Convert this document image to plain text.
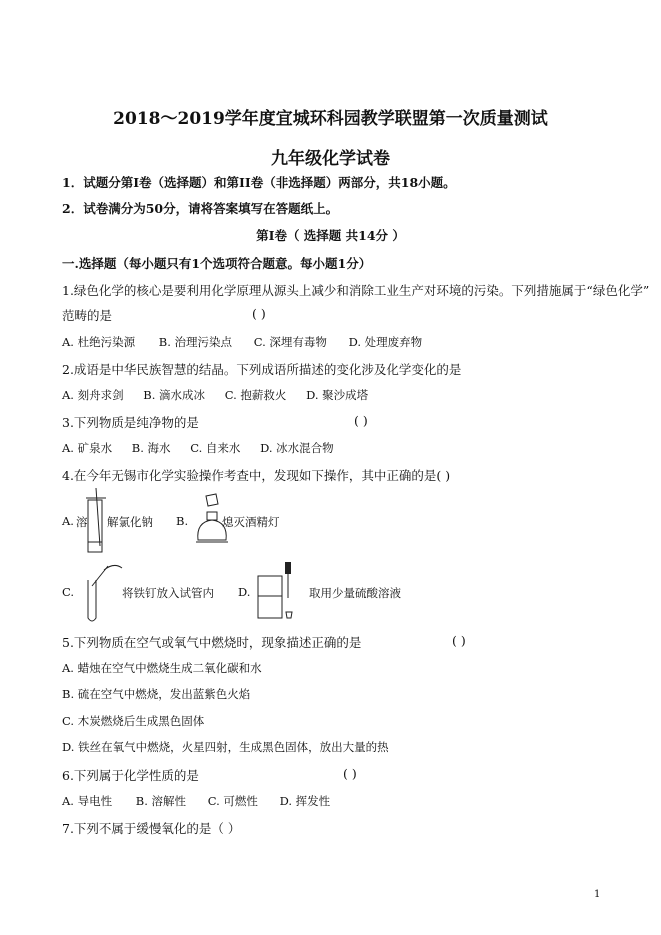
2018～2019学年度宜城环科园教学联盟第一次质量测试
九年级化学试卷
1．试题分第Ⅰ卷（选择题）和第II卷（非选择题）两部分，共18小题。
2．试卷满分为50分，请将答案填写在答题纸上。
第Ⅰ卷（ 选择题 共14分 ）
一.选择题（每小题只有1个选项符合题意。每小题1分）
1.绿色化学的核心是要利用化学原理从源头上减少和消除工业生产对环境的污染。下列措施属于“绿色化学”
范畴的是	( )
A. 杜绝污染源 B. 治理污染点 C. 深埋有毒物 D. 处理废弃物
2.成语是中华民族智慧的结晶。下列成语所描述的变化涉及化学变化的是
A. 刻舟求剑 B. 滴水成冰 C. 抱薪救火 D. 聚沙成塔
3.下列物质是纯净物的是	( )
A. 矿泉水 B. 海水 C. 自来水 D. 冰水混合物
4.在今年无锡市化学实验操作考查中，发现如下操作，其中正确的是( )
A. 溶 解氯化钠 B.	熄灭酒精灯
C.	将铁钉放入试管内 D.	取用少量硫酸溶液
5.下列物质在空气或氧气中燃烧时，现象描述正确的是	( )
A. 蜡烛在空气中燃烧生成二氧化碳和水
B. 硫在空气中燃烧，发出蓝紫色火焰
C. 木炭燃烧后生成黑色固体
D. 铁丝在氧气中燃烧，火星四射，生成黑色固体，放出大量的热
6.下列属于化学性质的是	( )
A. 导电性 B. 溶解性 C. 可燃性 D. 挥发性
7.下列不属于缓慢氧化的是（ ）
1
